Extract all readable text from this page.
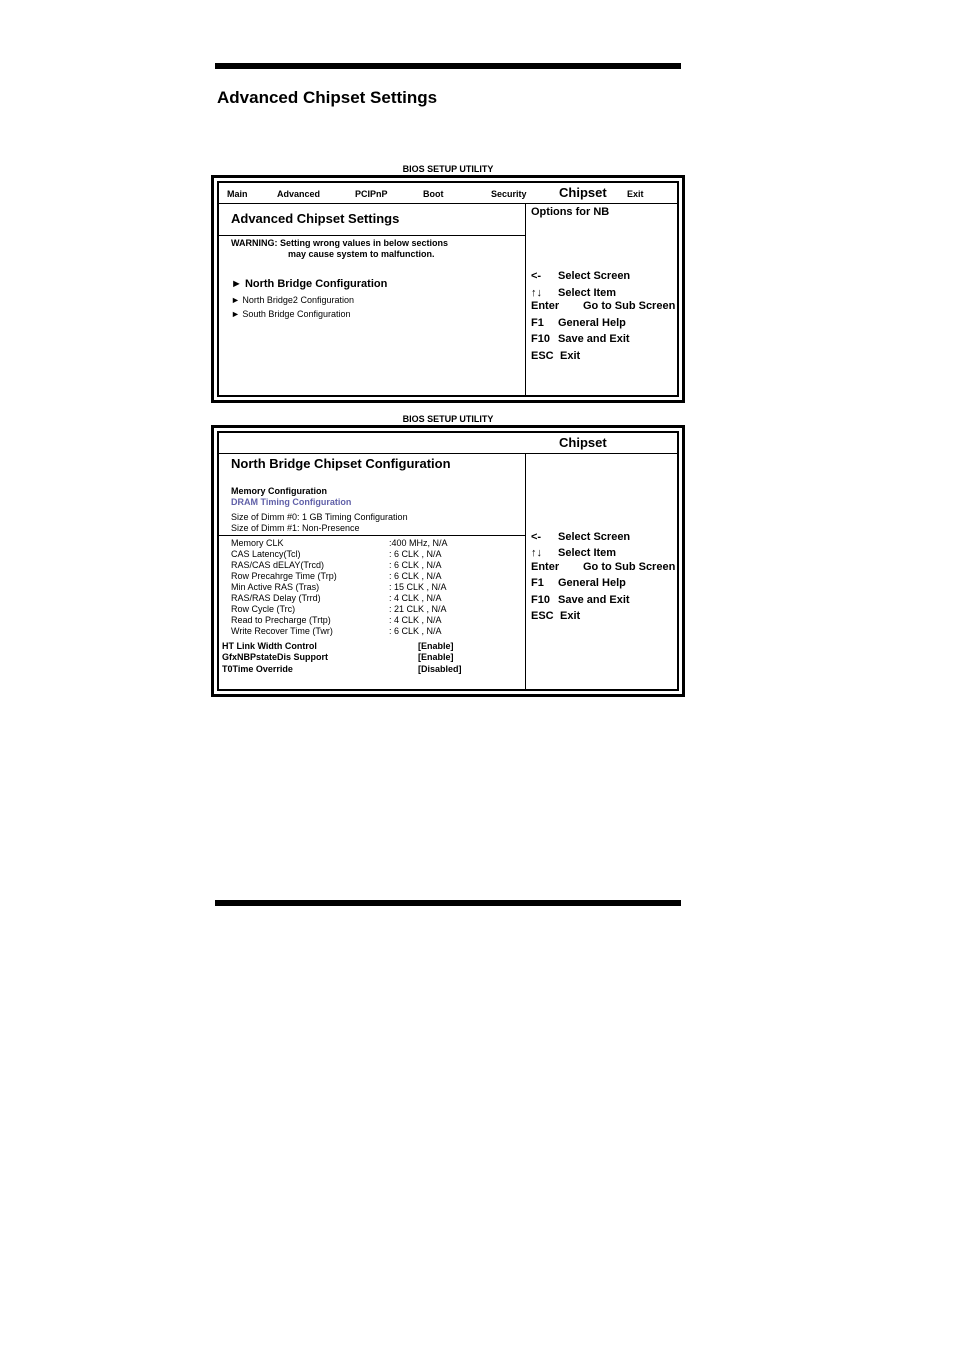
Advanced Chipset Settings
BIOS SETUP UTILITY
Main	Advanced	PCIPnP	Boot	Security Chipset Exit
Advanced Chipset Settings
WARNING: Setting wrong values in below sections
may cause system to malfunction.
► North Bridge Configuration
► North Bridge2 Configuration
► South Bridge Configuration
Options for NB
<- Select Screen
↑↓ Select Item
Enter Go to Sub Screen
F1 General Help
F10 Save and Exit
ESC Exit
BIOS SETUP UTILITY
Chipset
North Bridge Chipset Configuration
Memory Configuration
DRAM Timing Configuration
Size of Dimm #0: 1 GB Timing Configuration
Size of Dimm #1: Non-Presence
Memory CLK	:400 MHz, N/A
CAS Latency(Tcl)	: 6 CLK , N/A
RAS/CAS dELAY(Trcd)	: 6 CLK , N/A
Row Precahrge Time (Trp)	: 6 CLK , N/A
Min Active RAS (Tras)	: 15 CLK , N/A
RAS/RAS Delay (Trrd)	: 4 CLK , N/A
Row Cycle (Trc)	: 21 CLK , N/A
Read to Precharge (Trtp)	: 4 CLK , N/A
Write Recover Time (Twr)	: 6 CLK , N/A
HT Link Width Control	[Enable]
GfxNBPstateDis Support	[Enable]
T0Time Override	[Disabled]
<- Select Screen
↑↓ Select Item
Enter Go to Sub Screen
F1 General Help
F10 Save and Exit
ESC Exit
